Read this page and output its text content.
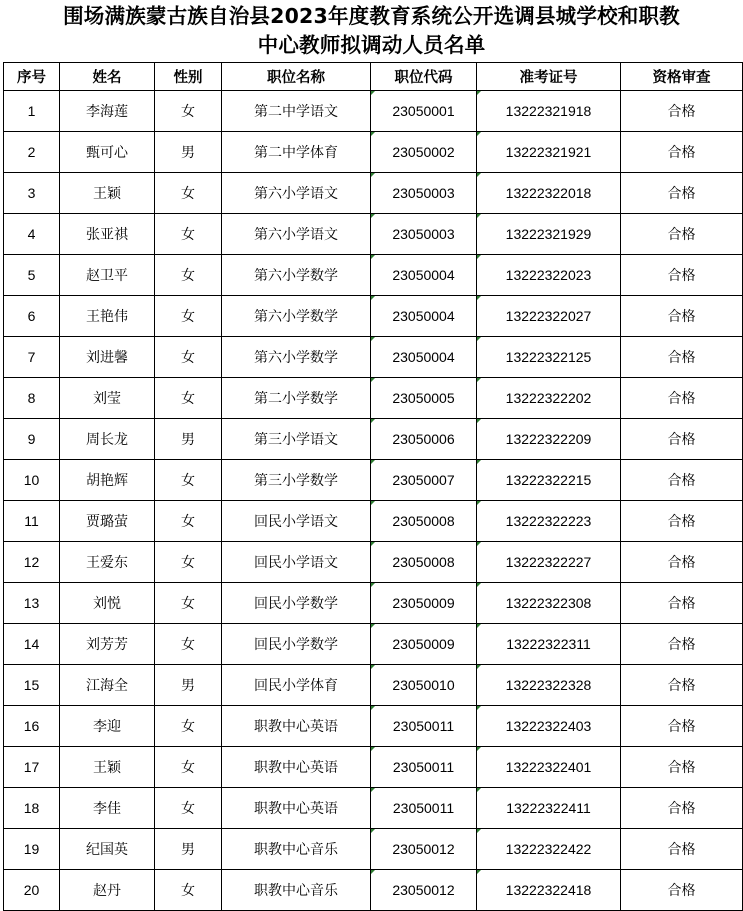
围场满族蒙古族自治县2023年度教育系统公开选调县城学校和职教
中心教师拟调动人员名单
序号	姓名	性别	职位名称	职位代码	准考证号	资格审查
1	李海莲	女	第二中学语文	23050001	13222321918	合格
2	甄可心	男	第二中学体育	23050002	13222321921	合格
3	王颖	女	第六小学语文	23050003	13222322018	合格
4	张亚祺	女	第六小学语文	23050003	13222321929	合格
5	赵卫平	女	第六小学数学	23050004	13222322023	合格
6	王艳伟	女	第六小学数学	23050004	13222322027	合格
7	刘进馨	女	第六小学数学	23050004	13222322125	合格
8	刘莹	女	第二小学数学	23050005	13222322202	合格
9	周长龙	男	第三小学语文	23050006	13222322209	合格
10	胡艳辉	女	第三小学数学	23050007	13222322215	合格
11	贾璐萤	女	回民小学语文	23050008	13222322223	合格
12	王爱东	女	回民小学语文	23050008	13222322227	合格
13	刘悦	女	回民小学数学	23050009	13222322308	合格
14	刘芳芳	女	回民小学数学	23050009	13222322311	合格
15	江海全	男	回民小学体育	23050010	13222322328	合格
16	李迎	女	职教中心英语	23050011	13222322403	合格
17	王颖	女	职教中心英语	23050011	13222322401	合格
18	李佳	女	职教中心英语	23050011	13222322411	合格
19	纪国英	男	职教中心音乐	23050012	13222322422	合格
20	赵丹	女	职教中心音乐	23050012	13222322418	合格
